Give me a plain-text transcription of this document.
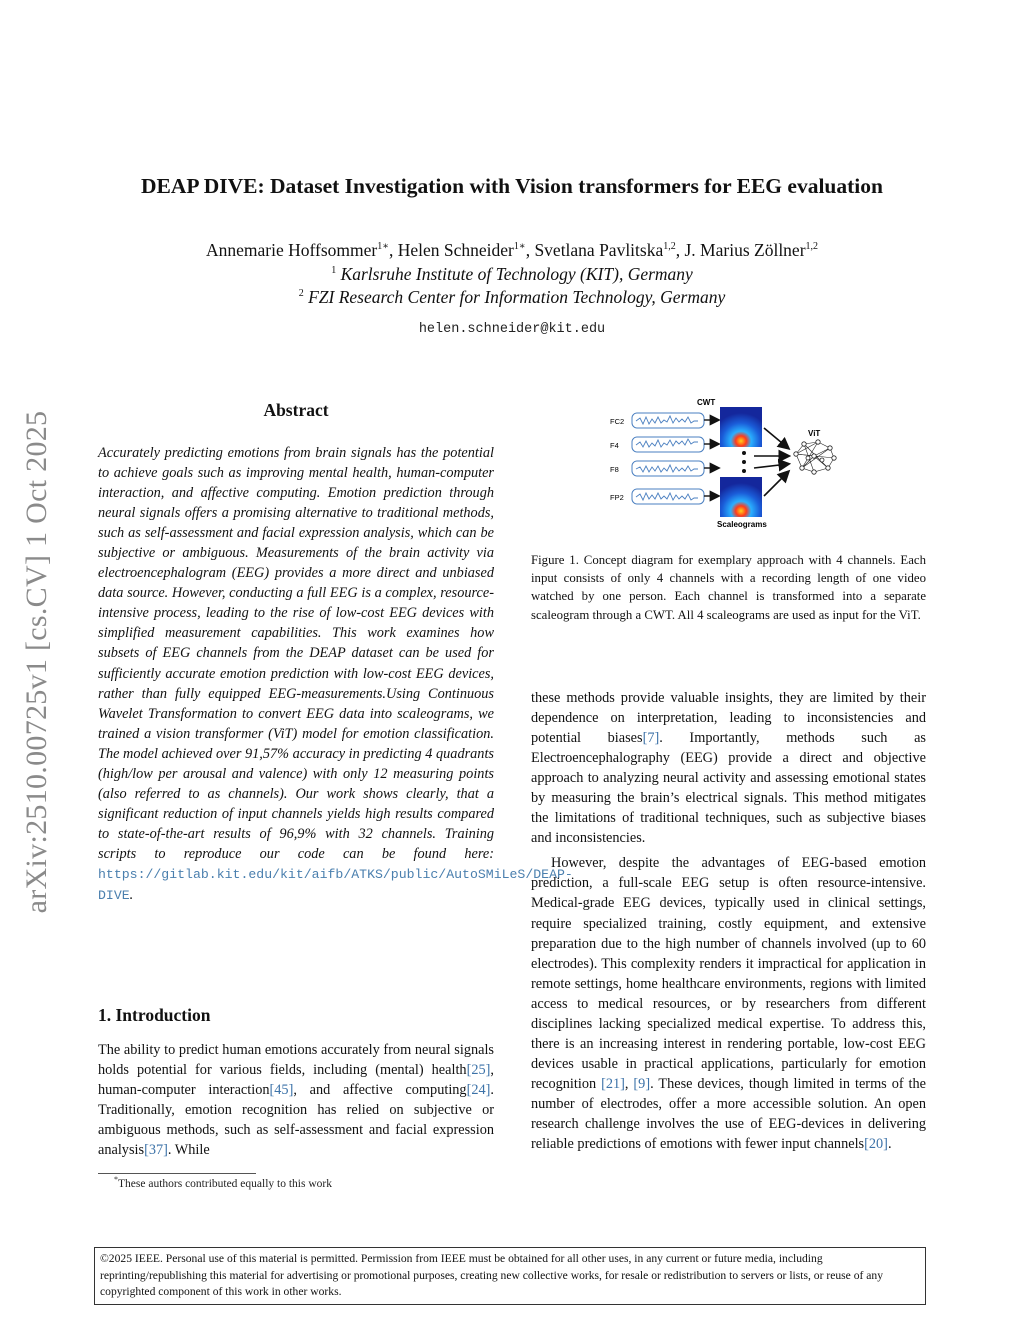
arXiv:2510.00725v1 [cs.CV] 1 Oct 2025
DEAP DIVE: Dataset Investigation with Vision transformers for EEG evaluation
Annemarie Hoffsommer$^{1∗}$, Helen Schneider$^{1∗}$, Svetlana Pavlitska$^{1,2}$, J. Marius Zöllner$^{1,2}$
$^1$ Karlsruhe Institute of Technology (KIT), Germany
$^2$ FZI Research Center for Information Technology, Germany
helen.schneider@kit.edu
Abstract
Accurately predicting emotions from brain signals has the potential to achieve goals such as improving mental health, human-computer interaction, and affective computing. Emotion prediction through neural signals offers a promising alternative to traditional methods, such as self-assessment and facial expression analysis, which can be subjective or ambiguous. Measurements of the brain activity via electroencephalogram (EEG) provides a more direct and unbiased data source. However, conducting a full EEG is a complex, resource-intensive process, leading to the rise of low-cost EEG devices with simplified measurement capabilities. This work examines how subsets of EEG channels from the DEAP dataset can be used for sufficiently accurate emotion prediction with low-cost EEG devices, rather than fully equipped EEG-measurements.Using Continuous Wavelet Transformation to convert EEG data into scaleograms, we trained a vision transformer (ViT) model for emotion classification. The model achieved over 91,57% accuracy in predicting 4 quadrants (high/low per arousal and valence) with only 12 measuring points (also referred to as channels). Our work shows clearly, that a significant reduction of input channels yields high results compared to state-of-the-art results of 96,9% with 32 channels. Training scripts to reproduce our code can be found here: https://gitlab.kit.edu/kit/aifb/ATKS/public/AutoSMiLeS/DEAP-DIVE.
1. Introduction
The ability to predict human emotions accurately from neural signals holds potential for various fields, including (mental) health[25], human-computer interaction[45], and affective computing[24]. Traditionally, emotion recognition has relied on subjective or ambiguous methods, such as self-assessment and facial expression analysis[37]. While
*These authors contributed equally to this work
CWT
ViT
Scaleograms
FC2
F4
F8
FP2
Figure 1. Concept diagram for exemplary approach with 4 channels. Each input consists of only 4 channels with a recording length of one video watched by one person. Each channel is transformed into a separate scaleogram through a CWT. All 4 scaleograms are used as input for the ViT.
these methods provide valuable insights, they are limited by their dependence on interpretation, leading to inconsistencies and potential biases[7]. Importantly, methods such as Electroencephalography (EEG) provide a direct and objective approach to analyzing neural activity and assessing emotional states by measuring the brain’s electrical signals. This method mitigates the limitations of traditional techniques, such as subjective biases and inconsistencies.
However, despite the advantages of EEG-based emotion prediction, a full-scale EEG setup is often resource-intensive. Medical-grade EEG devices, typically used in clinical settings, require specialized training, costly equipment, and extensive preparation due to the high number of channels involved (up to 60 electrodes). This complexity renders it impractical for application in remote settings, home healthcare environments, regions with limited access to medical resources, or by researchers from different disciplines lacking specialized medical expertise. To address this, there is an increasing interest in rendering portable, low-cost EEG devices usable in practical applications, particularly for emotion recognition [21], [9]. These devices, though limited in terms of the number of electrodes, offer a more accessible solution. An open research challenge involves the use of EEG-devices in delivering reliable predictions of emotions with fewer input channels[20].
©2025 IEEE. Personal use of this material is permitted. Permission from IEEE must be obtained for all other uses, in any current or future media, including reprinting/republishing this material for advertising or promotional purposes, creating new collective works, for resale or redistribution to servers or lists, or reuse of any copyrighted component of this work in other works.
